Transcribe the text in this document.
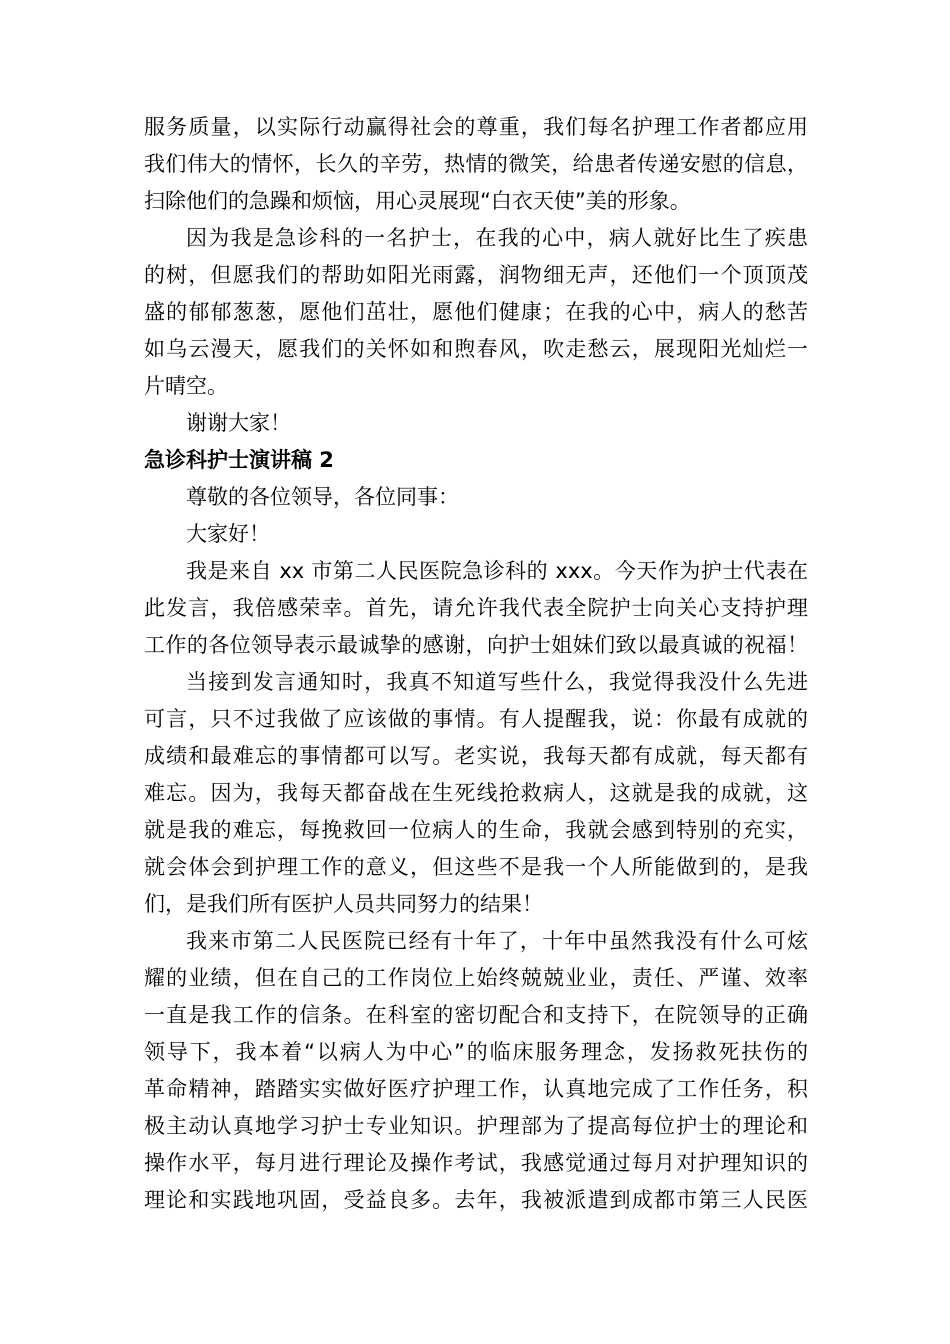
服务质量，以实际行动赢得社会的尊重，我们每名护理工作者都应用
我们伟大的情怀，长久的辛劳，热情的微笑，给患者传递安慰的信息，
扫除他们的急躁和烦恼，用心灵展现“白衣天使”美的形象。
因为我是急诊科的一名护士，在我的心中，病人就好比生了疾患
的树，但愿我们的帮助如阳光雨露，润物细无声，还他们一个顶顶茂
盛的郁郁葱葱，愿他们茁壮，愿他们健康；在我的心中，病人的愁苦
如乌云漫天，愿我们的关怀如和煦春风，吹走愁云，展现阳光灿烂一
片晴空。
谢谢大家！
急诊科护士演讲稿 2
尊敬的各位领导，各位同事：
大家好！
我是来自 xx 市第二人民医院急诊科的 xxx。今天作为护士代表在
此发言，我倍感荣幸。首先，请允许我代表全院护士向关心支持护理
工作的各位领导表示最诚挚的感谢，向护士姐妹们致以最真诚的祝福！
当接到发言通知时，我真不知道写些什么，我觉得我没什么先进
可言，只不过我做了应该做的事情。有人提醒我，说：你最有成就的
成绩和最难忘的事情都可以写。老实说，我每天都有成就，每天都有
难忘。因为，我每天都奋战在生死线抢救病人，这就是我的成就，这
就是我的难忘，每挽救回一位病人的生命，我就会感到特别的充实，
就会体会到护理工作的意义，但这些不是我一个人所能做到的，是我
们，是我们所有医护人员共同努力的结果！
我来市第二人民医院已经有十年了，十年中虽然我没有什么可炫
耀的业绩，但在自己的工作岗位上始终兢兢业业，责任、严谨、效率
一直是我工作的信条。在科室的密切配合和支持下，在院领导的正确
领导下，我本着“以病人为中心”的临床服务理念，发扬救死扶伤的
革命精神，踏踏实实做好医疗护理工作，认真地完成了工作任务，积
极主动认真地学习护士专业知识。护理部为了提高每位护士的理论和
操作水平，每月进行理论及操作考试，我感觉通过每月对护理知识的
理论和实践地巩固，受益良多。去年，我被派遣到成都市第三人民医
